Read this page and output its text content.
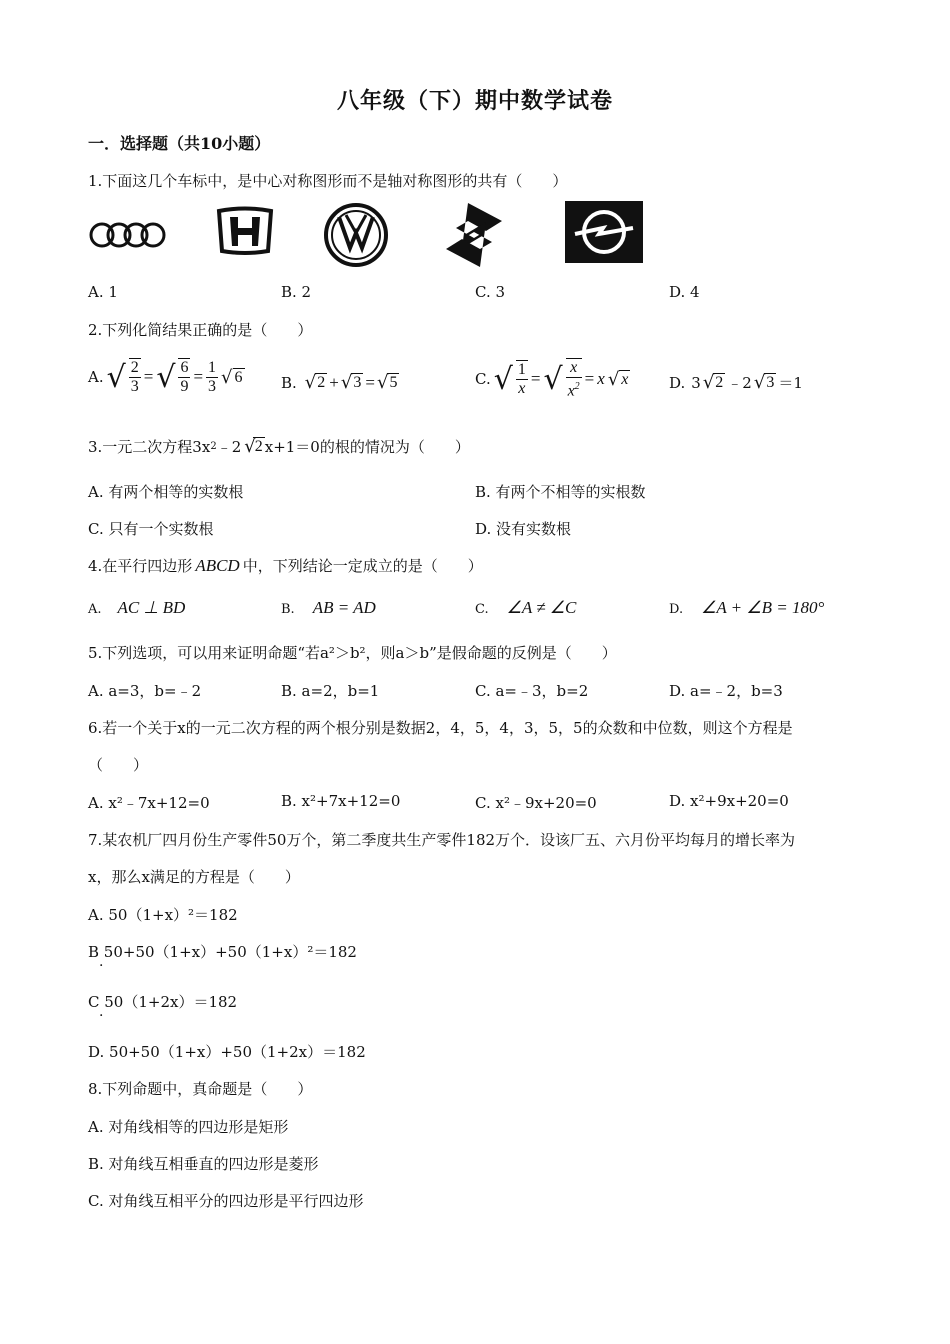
八年级（下）期中数学试卷
一．选择题（共10小题）
1.下面这几个车标中，是中心对称图形而不是轴对称图形的共有（　　）
A. 1	B. 2	C. 3	D. 4
2.下列化简结果正确的是（　　）
A. √ $\frac{2}{3}$ = √ $\frac{6}{9} = \frac{1}{3}$ √ 6	B. √ 2 + √ 3 = √ 5	C. √ $\frac{1}{x}$ = √ $\frac{x}{x^2} = x$ √ x	D. 3 √ 2 ﹣2 √ 3 ＝1
3.一元二次方程3x 2 ﹣2 √ 2 x+1＝0的根的情况为（　　）
A. 有两个相等的实数根	B. 有两个不相等的实根数
C. 只有一个实数根	D. 没有实数根
4.在平行四边形 ABCD 中，下列结论一定成立的是（　　）
A. AC ⊥ BD	B. AB = AD	C. ∠A ≠ ∠C	D. ∠A + ∠B = 180°
5.下列选项，可以用来证明命题“若a²＞b²，则a＞b”是假命题的反例是（　　）
A. a=3，b=﹣2	B. a=2，b=1	C. a=﹣3，b=2	D. a=﹣2，b=3
6.若一个关于x的一元二次方程的两个根分别是数据2，4，5，4，3，5，5的众数和中位数，则这个方程是
（　　）
A. x²﹣7x+12=0	B. x²+7x+12=0	C. x²﹣9x+20=0	D. x²+9x+20=0
7.某农机厂四月份生产零件50万个，第二季度共生产零件182万个．设该厂五、六月份平均每月的增长率为
x，那么x满足的方程是（　　）
A. 50（1+x）²＝182
B 50+50（1+x）+50（1+x）²＝182
·
C 50（1+2x）＝182
·
D. 50+50（1+x）+50（1+2x）＝182
8.下列命题中，真命题是（　　）
A. 对角线相等的四边形是矩形
B. 对角线互相垂直的四边形是菱形
C. 对角线互相平分的四边形是平行四边形
